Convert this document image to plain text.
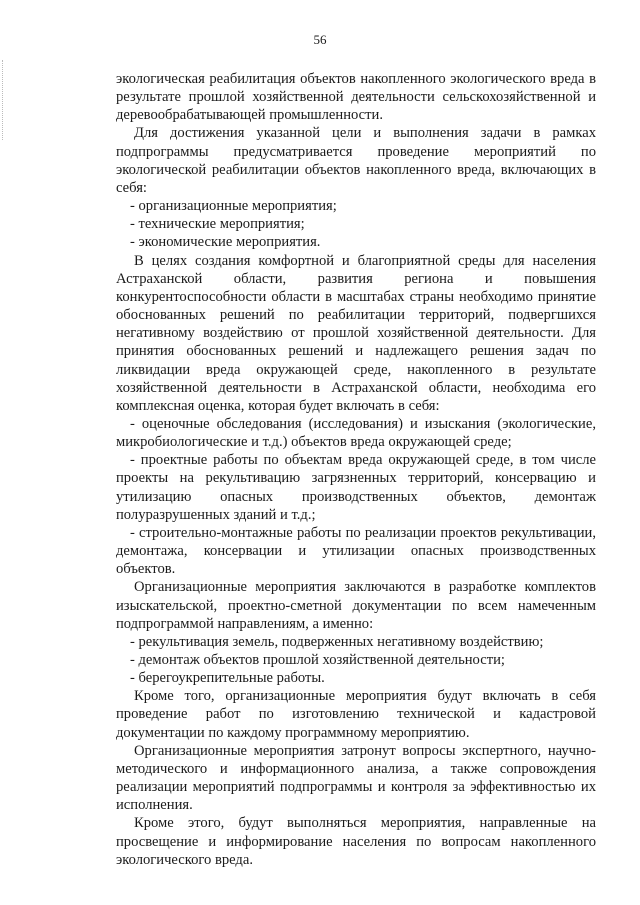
56

экологическая реабилитация объектов накопленного экологического вреда в результате прошлой хозяйственной деятельности сельскохозяйственной и деревообрабатывающей промышленности.

Для достижения указанной цели и выполнения задачи в рамках подпрограммы предусматривается проведение мероприятий по экологической реабилитации объектов накопленного вреда, включающих в себя:

- организационные мероприятия;

- технические мероприятия;

- экономические мероприятия.

В целях создания комфортной и благоприятной среды для населения Астраханской области, развития региона и повышения конкурентоспособности области в масштабах страны необходимо принятие обоснованных решений по реабилитации территорий, подвергшихся негативному воздействию от прошлой хозяйственной деятельности. Для принятия обоснованных решений и надлежащего решения задач по ликвидации вреда окружающей среде, накопленного в результате хозяйственной деятельности в Астраханской области, необходима его комплексная оценка, которая будет включать в себя:

- оценочные обследования (исследования) и изыскания (экологические, микробиологические и т.д.) объектов вреда окружающей среде;

- проектные работы по объектам вреда окружающей среде, в том числе проекты на рекультивацию загрязненных территорий, консервацию и утилизацию опасных производственных объектов, демонтаж полуразрушенных зданий и т.д.;

- строительно-монтажные работы по реализации проектов рекультивации, демонтажа, консервации и утилизации опасных производственных объектов.

Организационные мероприятия заключаются в разработке комплектов изыскательской, проектно-сметной документации по всем намеченным подпрограммой направлениям, а именно:

- рекультивация земель, подверженных негативному воздействию;

- демонтаж объектов прошлой хозяйственной деятельности;

- берегоукрепительные работы.

Кроме того, организационные мероприятия будут включать в себя проведение работ по изготовлению технической и кадастровой документации по каждому программному мероприятию.

Организационные мероприятия затронут вопросы экспертного, научно-методического и информационного анализа, а также сопровождения реализации мероприятий подпрограммы и контроля за эффективностью их исполнения.

Кроме этого, будут выполняться мероприятия, направленные на просвещение и информирование населения по вопросам накопленного экологического вреда.
